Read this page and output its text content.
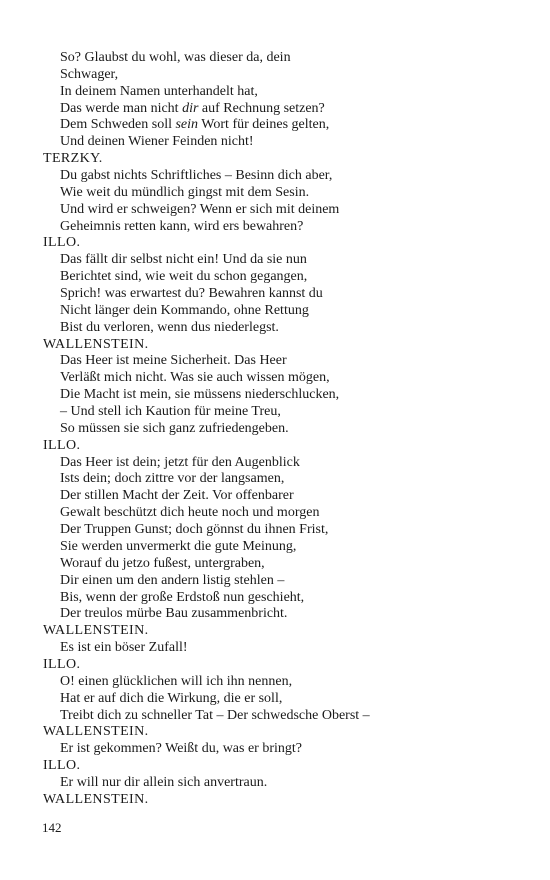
So? Glaubst du wohl, was dieser da, dein
Schwager,
In deinem Namen unterhandelt hat,
Das werde man nicht dir auf Rechnung setzen?
Dem Schweden soll sein Wort für deines gelten,
Und deinen Wiener Feinden nicht!
TERZKY.
Du gabst nichts Schriftliches – Besinn dich aber,
Wie weit du mündlich gingst mit dem Sesin.
Und wird er schweigen? Wenn er sich mit deinem
Geheimnis retten kann, wird ers bewahren?
ILLO.
Das fällt dir selbst nicht ein! Und da sie nun
Berichtet sind, wie weit du schon gegangen,
Sprich! was erwartest du? Bewahren kannst du
Nicht länger dein Kommando, ohne Rettung
Bist du verloren, wenn dus niederlegst.
WALLENSTEIN.
Das Heer ist meine Sicherheit. Das Heer
Verläßt mich nicht. Was sie auch wissen mögen,
Die Macht ist mein, sie müssens niederschlucken,
– Und stell ich Kaution für meine Treu,
So müssen sie sich ganz zufriedengeben.
ILLO.
Das Heer ist dein; jetzt für den Augenblick
Ists dein; doch zittre vor der langsamen,
Der stillen Macht der Zeit. Vor offenbarer
Gewalt beschützt dich heute noch und morgen
Der Truppen Gunst; doch gönnst du ihnen Frist,
Sie werden unvermerkt die gute Meinung,
Worauf du jetzo fußest, untergraben,
Dir einen um den andern listig stehlen –
Bis, wenn der große Erdstoß nun geschieht,
Der treulos mürbe Bau zusammenbricht.
WALLENSTEIN.
Es ist ein böser Zufall!
ILLO.
O! einen glücklichen will ich ihn nennen,
Hat er auf dich die Wirkung, die er soll,
Treibt dich zu schneller Tat – Der schwedsche Oberst –
WALLENSTEIN.
Er ist gekommen? Weißt du, was er bringt?
ILLO.
Er will nur dir allein sich anvertraun.
WALLENSTEIN.
142
